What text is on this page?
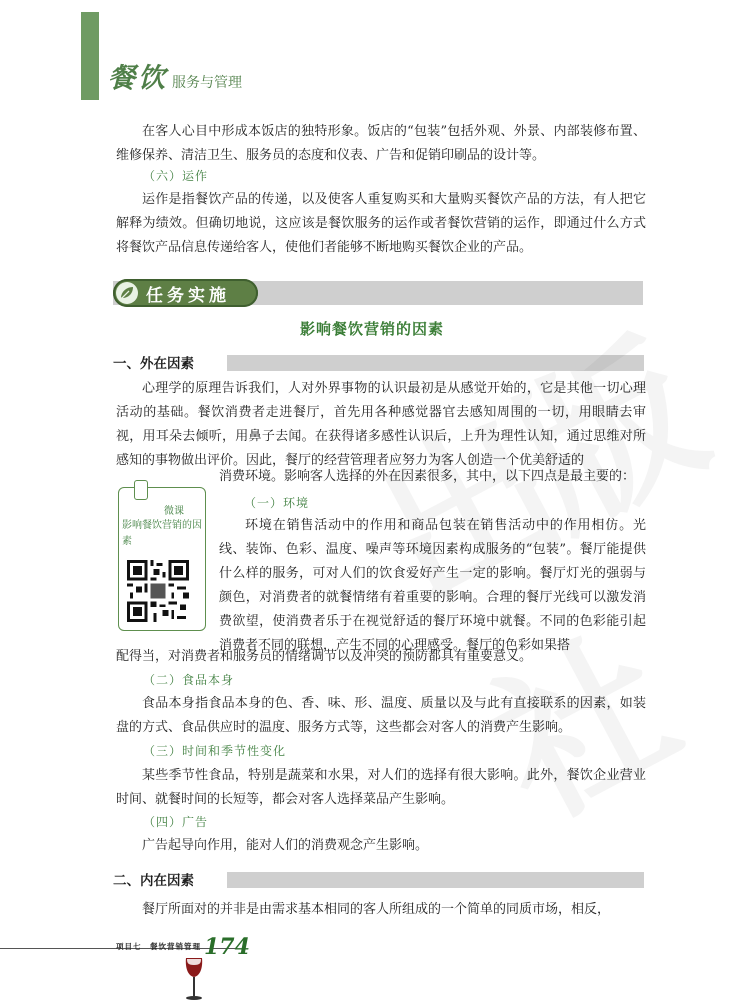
餐饮 服务与管理

在客人心目中形成本饭店的独特形象。饭店的“包装”包括外观、外景、内部装修布置、维修保养、清洁卫生、服务员的态度和仪表、广告和促销印刷品的设计等。

（六）运作

运作是指餐饮产品的传递，以及使客人重复购买和大量购买餐饮产品的方法，有人把它解释为绩效。但确切地说，这应该是餐饮服务的运作或者餐饮营销的运作，即通过什么方式将餐饮产品信息传递给客人，使他们者能够不断地购买餐饮企业的产品。

任务实施
影响餐饮营销的因素
一、外在因素

心理学的原理告诉我们，人对外界事物的认识最初是从感觉开始的，它是其他一切心理活动的基础。餐饮消费者走进餐厅，首先用各种感觉器官去感知周围的一切，用眼睛去审视，用耳朵去倾听，用鼻子去闻。在获得诸多感性认识后，上升为理性认知，通过思维对所感知的事物做出评价。因此，餐厅的经营管理者应努力为客人创造一个优美舒适的

消费环境。影响客人选择的外在因素很多，其中，以下四点是最主要的：

微课
影响餐饮营销的因素
（一）环境

环境在销售活动中的作用和商品包装在销售活动中的作用相仿。光线、装饰、色彩、温度、噪声等环境因素构成服务的“包装”。餐厅能提供什么样的服务，可对人们的饮食爱好产生一定的影响。餐厅灯光的强弱与颜色，对消费者的就餐情绪有着重要的影响。合理的餐厅光线可以激发消费欲望，使消费者乐于在视觉舒适的餐厅环境中就餐。不同的色彩能引起消费者不同的联想，产生不同的心理感受。餐厅的色彩如果搭

配得当，对消费者和服务员的情绪调节以及冲突的预防都具有重要意义。

（二）食品本身

食品本身指食品本身的色、香、味、形、温度、质量以及与此有直接联系的因素，如装盘的方式、食品供应时的温度、服务方式等，这些都会对客人的消费产生影响。

（三）时间和季节性变化

某些季节性食品，特别是蔬菜和水果，对人们的选择有很大影响。此外，餐饮企业营业时间、就餐时间的长短等，都会对客人选择菜品产生影响。

（四）广告

广告起导向作用，能对人们的消费观念产生影响。

二、内在因素

餐厅所面对的并非是由需求基本相同的客人所组成的一个简单的同质市场，相反，

项目七　餐饮营销管理 174
